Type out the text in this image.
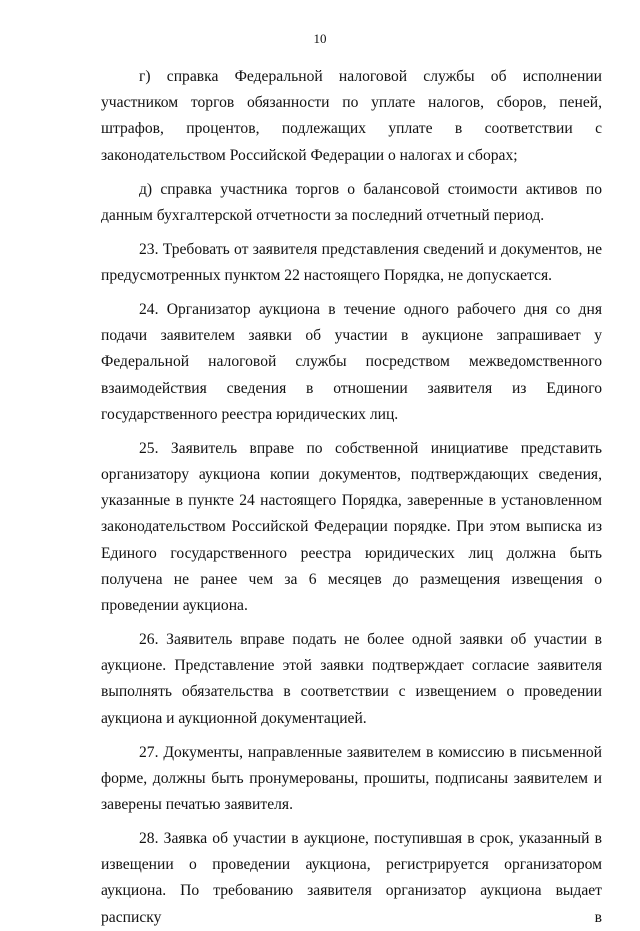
10

г) справка Федеральной налоговой службы об исполнении участником торгов обязанности по уплате налогов, сборов, пеней, штрафов, процентов, подлежащих уплате в соответствии с законодательством Российской Федерации о налогах и сборах;

д) справка участника торгов о балансовой стоимости активов по данным бухгалтерской отчетности за последний отчетный период.

23. Требовать от заявителя представления сведений и документов, не предусмотренных пунктом 22 настоящего Порядка, не допускается.

24. Организатор аукциона в течение одного рабочего дня со дня подачи заявителем заявки об участии в аукционе запрашивает у Федеральной налоговой службы посредством межведомственного взаимодействия сведения в отношении заявителя из Единого государственного реестра юридических лиц.

25. Заявитель вправе по собственной инициативе представить организатору аукциона копии документов, подтверждающих сведения, указанные в пункте 24 настоящего Порядка, заверенные в установленном законодательством Российской Федерации порядке. При этом выписка из Единого государственного реестра юридических лиц должна быть получена не ранее чем за 6 месяцев до размещения извещения о проведении аукциона.

26. Заявитель вправе подать не более одной заявки об участии в аукционе. Представление этой заявки подтверждает согласие заявителя выполнять обязательства в соответствии с извещением о проведении аукциона и аукционной документацией.

27. Документы, направленные заявителем в комиссию в письменной форме, должны быть пронумерованы, прошиты, подписаны заявителем и заверены печатью заявителя.

28. Заявка об участии в аукционе, поступившая в срок, указанный в извещении о проведении аукциона, регистрируется организатором аукциона. По требованию заявителя организатор аукциона выдает расписку в
